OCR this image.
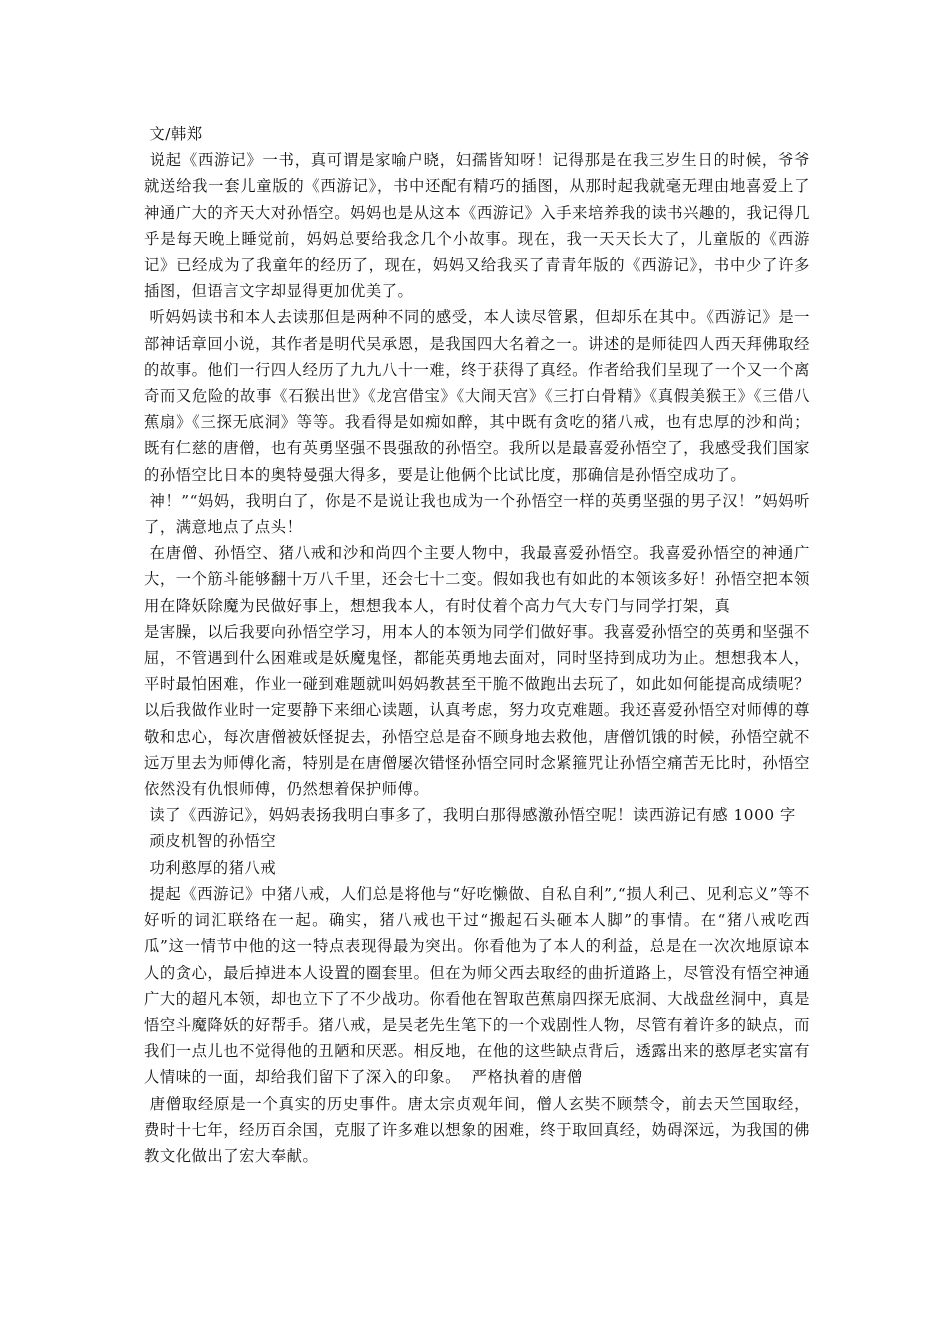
文/韩郑

说起《西游记》一书，真可谓是家喻户晓，妇孺皆知呀！记得那是在我三岁生日的时候，爷爷就送给我一套儿童版的《西游记》，书中还配有精巧的插图，从那时起我就毫无理由地喜爱上了神通广大的齐天大对孙悟空。妈妈也是从这本《西游记》入手来培养我的读书兴趣的，我记得几乎是每天晚上睡觉前，妈妈总要给我念几个小故事。现在，我一天天长大了，儿童版的《西游记》已经成为了我童年的经历了，现在，妈妈又给我买了青青年版的《西游记》，书中少了许多插图，但语言文字却显得更加优美了。

听妈妈读书和本人去读那但是两种不同的感受，本人读尽管累，但却乐在其中。《西游记》是一部神话章回小说，其作者是明代吴承恩，是我国四大名着之一。讲述的是师徒四人西天拜佛取经的故事。他们一行四人经历了九九八十一难，终于获得了真经。作者给我们呈现了一个又一个离奇而又危险的故事《石猴出世》《龙宫借宝》《大闹天宫》《三打白骨精》《真假美猴王》《三借八蕉扇》《三探无底洞》等等。我看得是如痴如醉，其中既有贪吃的猪八戒，也有忠厚的沙和尚；既有仁慈的唐僧，也有英勇坚强不畏强敌的孙悟空。我所以是最喜爱孙悟空了，我感受我们国家的孙悟空比日本的奥特曼强大得多，要是让他俩个比试比度，那确信是孙悟空成功了。

神！”“妈妈，我明白了，你是不是说让我也成为一个孙悟空一样的英勇坚强的男子汉！”妈妈听了，满意地点了点头！

在唐僧、孙悟空、猪八戒和沙和尚四个主要人物中，我最喜爱孙悟空。我喜爱孙悟空的神通广大，一个筋斗能够翻十万八千里，还会七十二变。假如我也有如此的本领该多好！孙悟空把本领用在降妖除魔为民做好事上，想想我本人，有时仗着个高力气大专门与同学打架，真

是害臊，以后我要向孙悟空学习，用本人的本领为同学们做好事。我喜爱孙悟空的英勇和坚强不屈，不管遇到什么困难或是妖魔鬼怪，都能英勇地去面对，同时坚持到成功为止。想想我本人，平时最怕困难，作业一碰到难题就叫妈妈教甚至干脆不做跑出去玩了，如此如何能提高成绩呢？以后我做作业时一定要静下来细心读题，认真考虑，努力攻克难题。我还喜爱孙悟空对师傅的尊敬和忠心，每次唐僧被妖怪捉去，孙悟空总是奋不顾身地去救他，唐僧饥饿的时候，孙悟空就不远万里去为师傅化斋，特别是在唐僧屡次错怪孙悟空同时念紧箍咒让孙悟空痛苦无比时，孙悟空依然没有仇恨师傅，仍然想着保护师傅。

读了《西游记》，妈妈表扬我明白事多了，我明白那得感激孙悟空呢！读西游记有感 1000 字

顽皮机智的孙悟空

功利憨厚的猪八戒

提起《西游记》中猪八戒，人们总是将他与“好吃懒做、自私自利”,“损人利己、见利忘义”等不好听的词汇联络在一起。确实，猪八戒也干过“搬起石头砸本人脚”的事情。在“猪八戒吃西瓜”这一情节中他的这一特点表现得最为突出。你看他为了本人的利益，总是在一次次地原谅本人的贪心，最后掉进本人设置的圈套里。但在为师父西去取经的曲折道路上，尽管没有悟空神通广大的超凡本领，却也立下了不少战功。你看他在智取芭蕉扇四探无底洞、大战盘丝洞中，真是悟空斗魔降妖的好帮手。猪八戒，是吴老先生笔下的一个戏剧性人物，尽管有着许多的缺点，而我们一点儿也不觉得他的丑陋和厌恶。相反地，在他的这些缺点背后，透露出来的憨厚老实富有人情味的一面，却给我们留下了深入的印象。  严格执着的唐僧

唐僧取经原是一个真实的历史事件。唐太宗贞观年间，僧人玄奘不顾禁令，前去天竺国取经，费时十七年，经历百余国，克服了许多难以想象的困难，终于取回真经，妫碍深远，为我国的佛教文化做出了宏大奉献。
